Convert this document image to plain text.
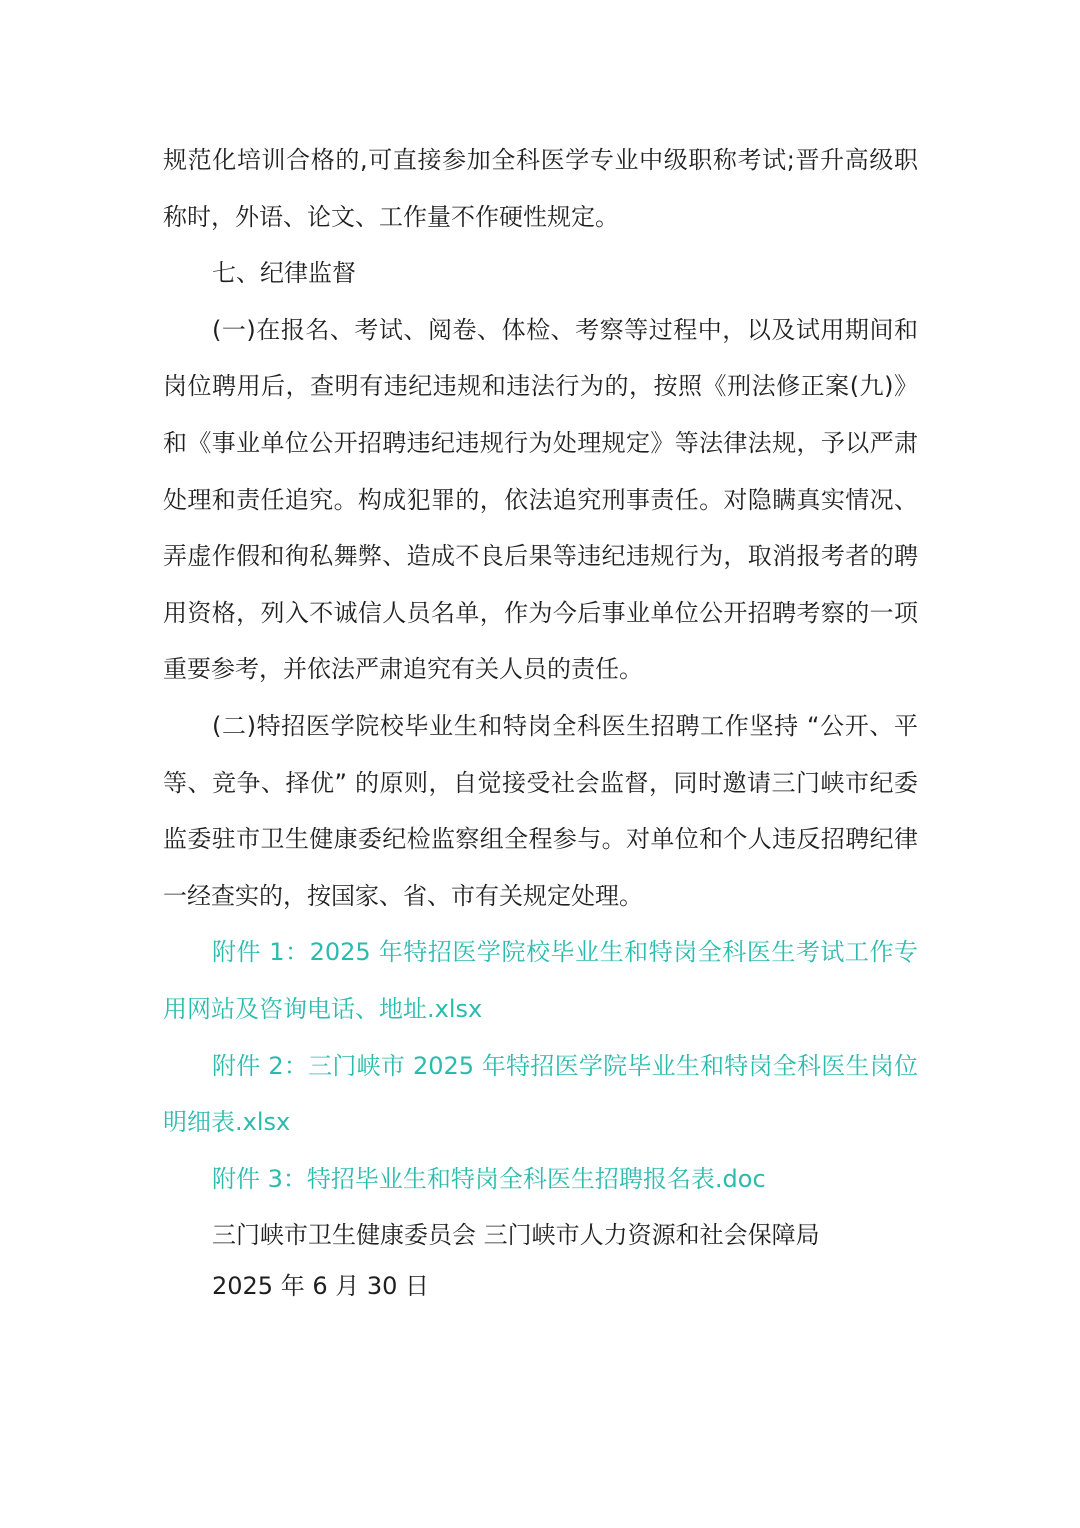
规范化培训合格的,可直接参加全科医学专业中级职称考试;晋升高级职称时，外语、论文、工作量不作硬性规定。

七、纪律监督

(一)在报名、考试、阅卷、体检、考察等过程中，以及试用期间和岗位聘用后，查明有违纪违规和违法行为的，按照《刑法修正案(九)》和《事业单位公开招聘违纪违规行为处理规定》等法律法规，予以严肃处理和责任追究。构成犯罪的，依法追究刑事责任。对隐瞒真实情况、弄虚作假和徇私舞弊、造成不良后果等违纪违规行为，取消报考者的聘用资格，列入不诚信人员名单，作为今后事业单位公开招聘考察的一项重要参考，并依法严肃追究有关人员的责任。

(二)特招医学院校毕业生和特岗全科医生招聘工作坚持 “公开、平等、竞争、择优” 的原则，自觉接受社会监督，同时邀请三门峡市纪委监委驻市卫生健康委纪检监察组全程参与。对单位和个人违反招聘纪律一经查实的，按国家、省、市有关规定处理。

附件 1：2025 年特招医学院校毕业生和特岗全科医生考试工作专用网站及咨询电话、地址.xlsx

附件 2：三门峡市 2025 年特招医学院毕业生和特岗全科医生岗位明细表.xlsx

附件 3：特招毕业生和特岗全科医生招聘报名表.doc

三门峡市卫生健康委员会 三门峡市人力资源和社会保障局

2025 年 6 月 30 日
